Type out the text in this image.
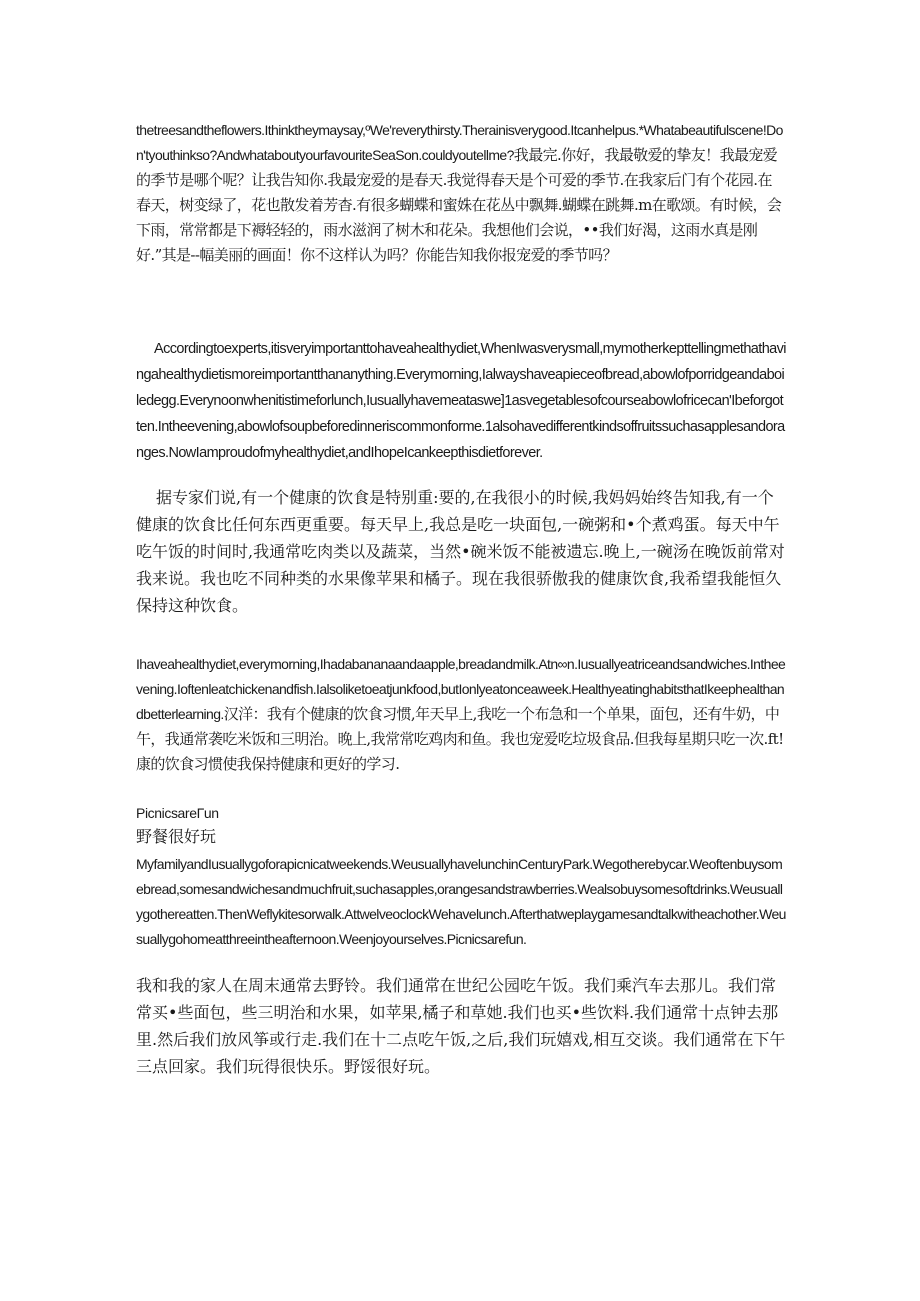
thetreesandtheflowers.Ithinktheymaysay,ºWe'reverythirsty.Therainisverygood.Itcanhelpus.*Whatabeautifulscene!Don'tyouthinkso?AndwhataboutyourfavouriteSeaSon.couldyoutellme?我最完.你好，我最敬爱的挚友！我最宠爱的季节是哪个呢？让我告知你.我最宠爱的是春天.我觉得春天是个可爱的季节.在我家后门有个花园.在春天，树变绿了，花也散发着芳杳.有很多蝴蝶和蜜姝在花丛中飘舞.蝴蝶在跳舞.m在歌颂。有时候，会下雨，常常都是下褥轻轻的，雨水滋润了树木和花朵。我想他们会说，••我们好渴，这雨水真是刚好.”其是--幅美丽的画面！你不这样认为吗？你能告知我你报宠爱的季节吗？

Accordingtoexperts,itisveryimportanttohaveahealthydiet,WhenIwasverysmall,mymotherkepttellingmethathavingahealthydietismoreimportantthananything.Everymorning,Ialwayshaveapieceofbread,abowlofporridgeandaboiledegg.Everynoonwhenitistimeforlunch,Iusuallyhavemeataswe]1asvegetablesofcourseabowlofricecan'Ibeforgotten.Intheevening,abowlofsoupbeforedinneriscommonforme.1alsohavedifferentkindsoffruitssuchasapplesandoranges.NowIamproudofmyhealthydiet,andIhopeIcankeepthisdietforever.

据专家们说,有一个健康的饮食是特别重:要的,在我很小的时候,我妈妈始终告知我,有一个健康的饮食比任何东西更重要。每天早上,我总是吃一块面包,一碗粥和•个煮鸡蛋。每天中午吃午饭的时间时,我通常吃肉类以及蔬菜，当然•碗米饭不能被遗忘.晚上,一碗汤在晚饭前常对我来说。我也吃不同种类的水果像苹果和橘子。现在我很骄傲我的健康饮食,我希望我能恒久保持这种饮食。

Ihaveahealthydiet,everymorning,Ihadabananaandaapple,breadandmilk.Atn∞n.Iusuallyeatriceandsandwiches.Intheevening.Ioftenleatchickenandfish.Ialsoliketoeatjunkfood,butIonlyeatonceaweek.HealthyeatinghabitsthatIkeephealthandbetterlearning.汉洋：我有个健康的饮食习惯,年天早上,我吃一个布急和一个单果，面包，还有牛奶，中午，我通常袭吃米饭和三明治。晚上,我常常吃鸡肉和鱼。我也宠爱吃垃圾食品.但我每星期只吃一次.ft!康的饮食习惯使我保持健康和更好的学习.

PicnicsareΓun

野餐很好玩

MyfamilyandIusuallygoforapicnicatweekends.WeusuallyhavelunchinCenturyPark.Wegotherebycar.Weoftenbuysomebread,somesandwichesandmuchfruit,suchasapples,orangesandstrawberries.Wealsobuysomesoftdrinks.Weusuallygothereatten.ThenWeflykitesorwalk.AttwelveoclockWehavelunch.Afterthatweplaygamesandtalkwitheachother.Weusuallygohomeatthreeintheafternoon.Weenjoyourselves.Picnicsarefun.

我和我的家人在周末通常去野铃。我们通常在世纪公园吃午饭。我们乘汽车去那儿。我们常常买•些面包，些三明治和水果，如苹果,橘子和草她.我们也买•些饮料.我们通常十点钟去那里.然后我们放风筝或行走.我们在十二点吃午饭,之后,我们玩嬉戏,相互交谈。我们通常在下午三点回家。我们玩得很快乐。野馁很好玩。
